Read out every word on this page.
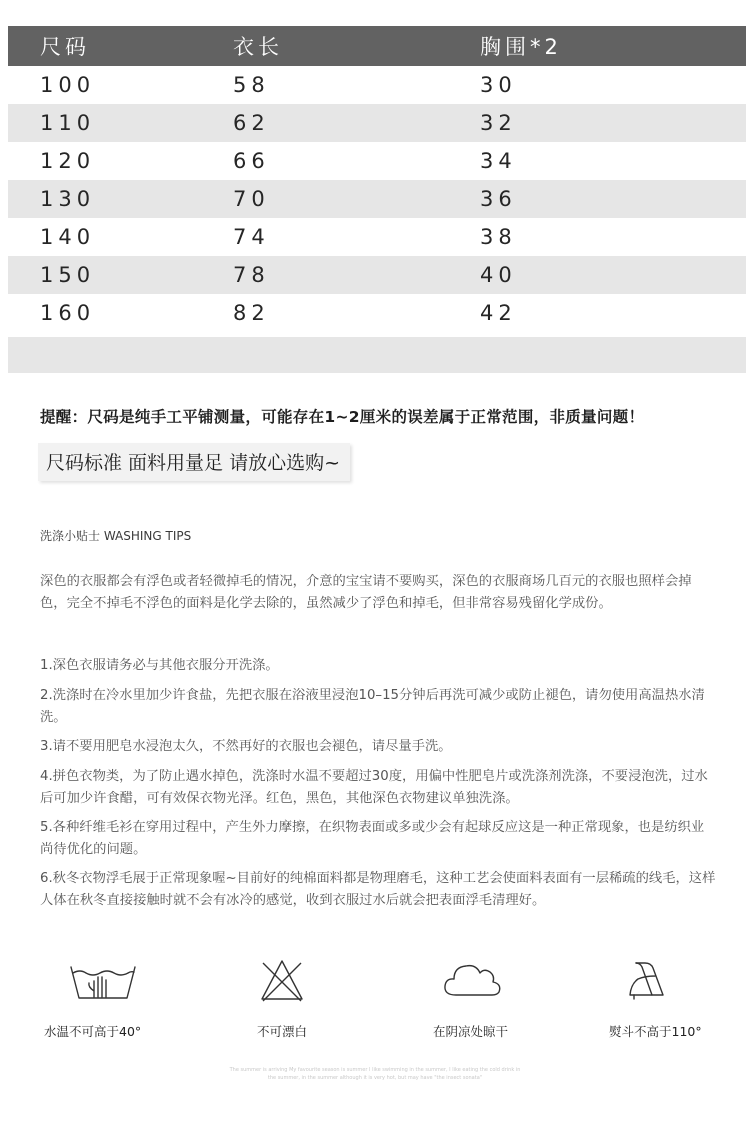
尺码	衣长	胸围*2
100	58	30
110	62	32
120	66	34
130	70	36
140	74	38
150	78	40
160	82	42
提醒：尺码是纯手工平铺测量，可能存在1~2厘米的误差属于正常范围，非质量问题！
尺码标准 面料用量足 请放心选购~
洗涤小贴士 WASHING TIPS

深色的衣服都会有浮色或者轻微掉毛的情况，介意的宝宝请不要购买，深色的衣服商场几百元的衣服也照样会掉色，完全不掉毛不浮色的面料是化学去除的，虽然减少了浮色和掉毛，但非常容易残留化学成份。

1.深色衣服请务必与其他衣服分开洗涤。

2.洗涤时在冷水里加少许食盐，先把衣服在浴液里浸泡10–15分钟后再洗可减少或防止褪色，请勿使用高温热水清洗。

3.请不要用肥皂水浸泡太久，不然再好的衣服也会褪色，请尽量手洗。

4.拼色衣物类，为了防止遇水掉色，洗涤时水温不要超过30度，用偏中性肥皂片或洗涤剂洗涤，不要浸泡洗，过水后可加少许食醋，可有效保衣物光泽。红色，黑色，其他深色衣物建议单独洗涤。

5.各种纤维毛衫在穿用过程中，产生外力摩擦，在织物表面或多或少会有起球反应这是一种正常现象，也是纺织业尚待优化的问题。

6.秋冬衣物浮毛展于正常现象喔~目前好的纯棉面料都是物理磨毛，这种工艺会使面料表面有一层稀疏的线毛，这样人体在秋冬直接接触时就不会有冰冷的感觉，收到衣服过水后就会把表面浮毛清理好。

水温不可高于40°	不可漂白	在阴凉处晾干	熨斗不高于110°
The summer is arriving My favourite season is summer I like swimming in the summer, I like eating the cold drink in
the summer, in the summer although it is very hot, but may have "the insect sonata"
